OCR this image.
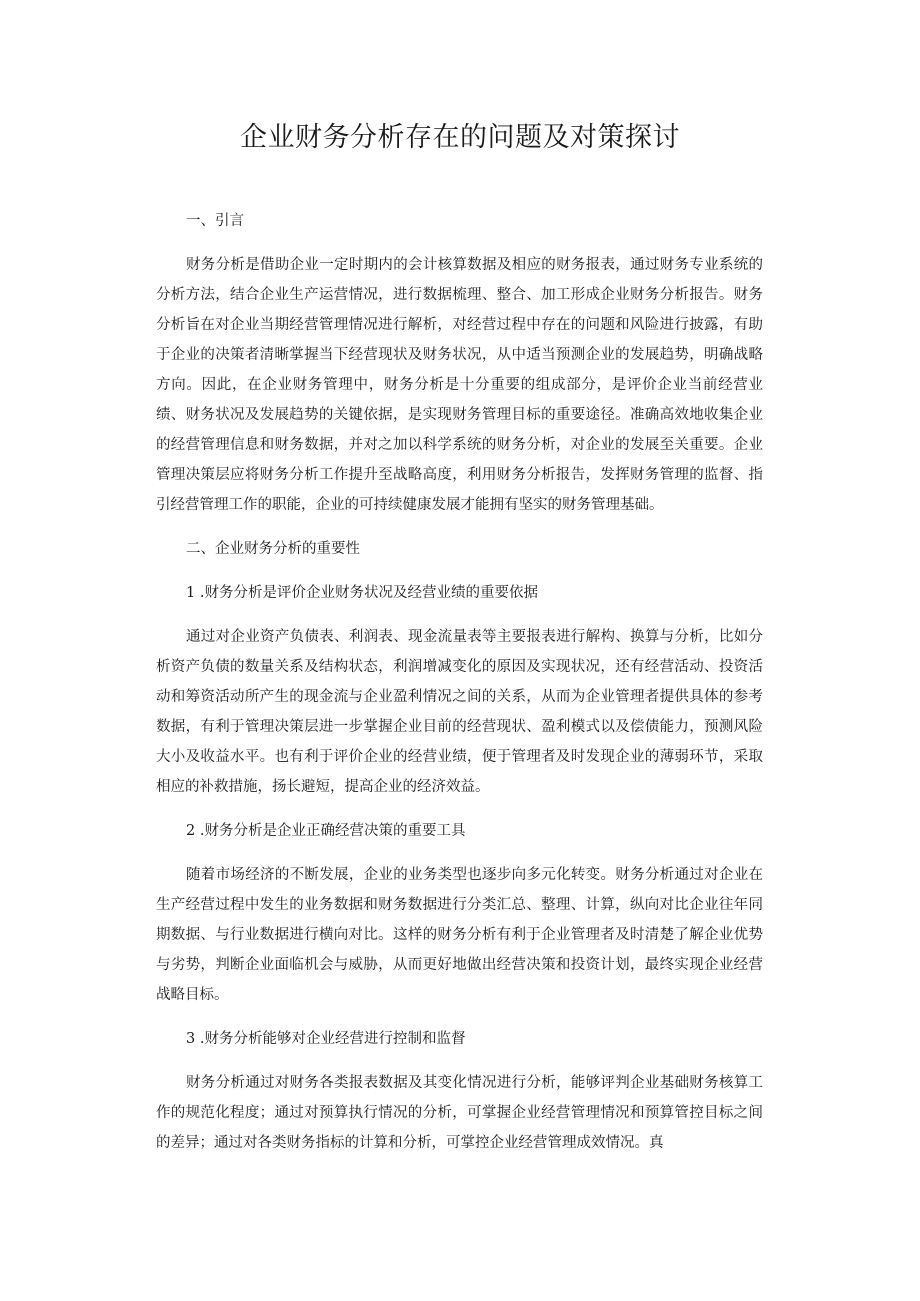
企业财务分析存在的问题及对策探讨

一、引言

财务分析是借助企业一定时期内的会计核算数据及相应的财务报表，通过财务专业系统的分析方法，结合企业生产运营情况，进行数据梳理、整合、加工形成企业财务分析报告。财务分析旨在对企业当期经营管理情况进行解析，对经营过程中存在的问题和风险进行披露，有助于企业的决策者清晰掌握当下经营现状及财务状况，从中适当预测企业的发展趋势，明确战略方向。因此，在企业财务管理中，财务分析是十分重要的组成部分，是评价企业当前经营业绩、财务状况及发展趋势的关键依据，是实现财务管理目标的重要途径。准确高效地收集企业的经营管理信息和财务数据，并对之加以科学系统的财务分析，对企业的发展至关重要。企业管理决策层应将财务分析工作提升至战略高度，利用财务分析报告，发挥财务管理的监督、指引经营管理工作的职能，企业的可持续健康发展才能拥有坚实的财务管理基础。

二、企业财务分析的重要性

1 .财务分析是评价企业财务状况及经营业绩的重要依据

通过对企业资产负债表、利润表、现金流量表等主要报表进行解构、换算与分析，比如分析资产负债的数量关系及结构状态，利润增减变化的原因及实现状况，还有经营活动、投资活动和筹资活动所产生的现金流与企业盈利情况之间的关系，从而为企业管理者提供具体的参考数据，有利于管理决策层进一步掌握企业目前的经营现状、盈利模式以及偿债能力，预测风险大小及收益水平。也有利于评价企业的经营业绩，便于管理者及时发现企业的薄弱环节，采取相应的补救措施，扬长避短，提高企业的经济效益。

2 .财务分析是企业正确经营决策的重要工具

随着市场经济的不断发展，企业的业务类型也逐步向多元化转变。财务分析通过对企业在生产经营过程中发生的业务数据和财务数据进行分类汇总、整理、计算，纵向对比企业往年同期数据、与行业数据进行横向对比。这样的财务分析有利于企业管理者及时清楚了解企业优势与劣势，判断企业面临机会与威胁，从而更好地做出经营决策和投资计划，最终实现企业经营战略目标。

3 .财务分析能够对企业经营进行控制和监督

财务分析通过对财务各类报表数据及其变化情况进行分析，能够评判企业基础财务核算工作的规范化程度；通过对预算执行情况的分析，可掌握企业经营管理情况和预算管控目标之间的差异；通过对各类财务指标的计算和分析，可掌控企业经营管理成效情况。真
